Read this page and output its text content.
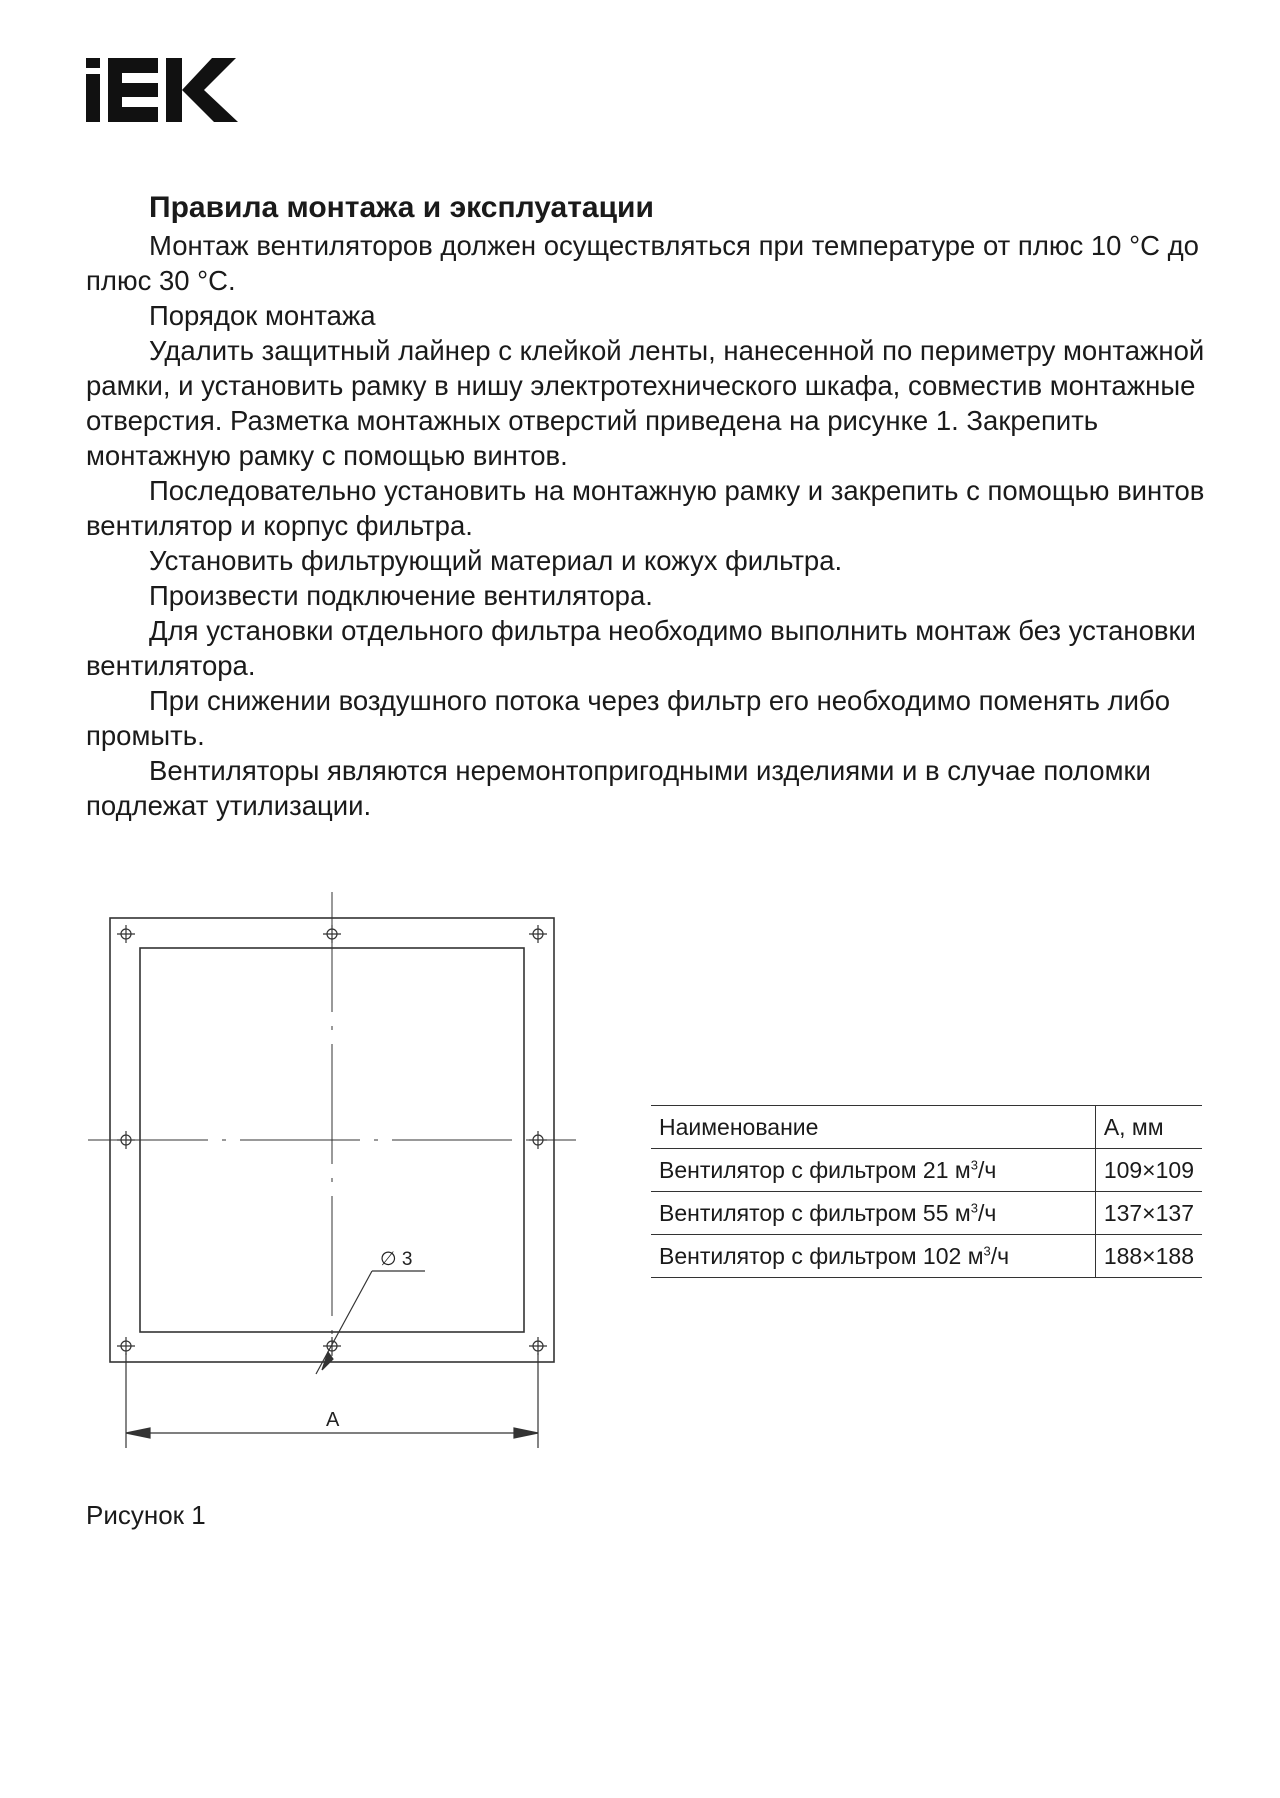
Правила монтажа и эксплуатации

Монтаж вентиляторов должен осуществляться при температуре от плюс 10 °С до плюс 30 °С.

Порядок монтажа

Удалить защитный лайнер с клейкой ленты, нанесенной по периметру монтажной рамки, и установить рамку в нишу электротехнического шкафа, совместив монтажные отверстия. Разметка монтажных отверстий приведена на рисунке 1. Закрепить монтажную рамку с помощью винтов.

Последовательно установить на монтажную рамку и закрепить с помощью винтов вентилятор и корпус фильтра.

Установить фильтрующий материал и кожух фильтра.

Произвести подключение вентилятора.

Для установки отдельного фильтра необходимо выполнить монтаж без установки вентилятора.

При снижении воздушного потока через фильтр его необходимо поменять либо промыть.

Вентиляторы являются неремонтопригодными изделиями и в случае поломки подлежат утилизации.

∅ 3
А
Наименование	А, мм
Вентилятор с фильтром 21 $м^3/ч$	109×109
Вентилятор с фильтром 55 $м^3/ч$	137×137
Вентилятор с фильтром 102 $м^3/ч$	188×188
Рисунок 1
